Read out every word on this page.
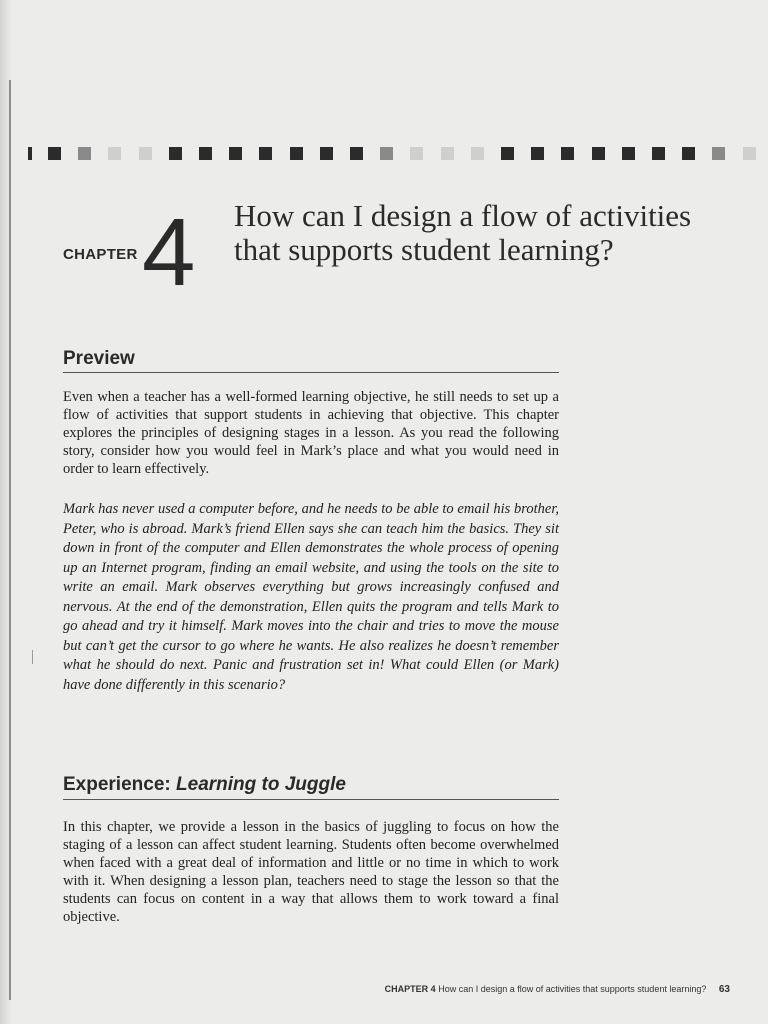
CHAPTER 4 How can I design a flow of activities that supports student learning?
Preview

Even when a teacher has a well-formed learning objective, he still needs to set up a flow of activities that support students in achieving that objective. This chapter explores the principles of designing stages in a lesson. As you read the following story, consider how you would feel in Mark’s place and what you would need in order to learn effectively.

Mark has never used a computer before, and he needs to be able to email his brother, Peter, who is abroad. Mark’s friend Ellen says she can teach him the basics. They sit down in front of the computer and Ellen demonstrates the whole process of opening up an Internet program, finding an email website, and using the tools on the site to write an email. Mark observes everything but grows increasingly confused and nervous. At the end of the demonstration, Ellen quits the program and tells Mark to go ahead and try it himself. Mark moves into the chair and tries to move the mouse but can’t get the cursor to go where he wants. He also realizes he doesn’t remember what he should do next. Panic and frustration set in! What could Ellen (or Mark) have done differently in this scenario?

Experience: Learning to Juggle

In this chapter, we provide a lesson in the basics of juggling to focus on how the staging of a lesson can affect student learning. Students often become overwhelmed when faced with a great deal of information and little or no time in which to work with it. When designing a lesson plan, teachers need to stage the lesson so that the students can focus on content in a way that allows them to work toward a final objective.

CHAPTER 4 How can I design a flow of activities that supports student learning? 63
